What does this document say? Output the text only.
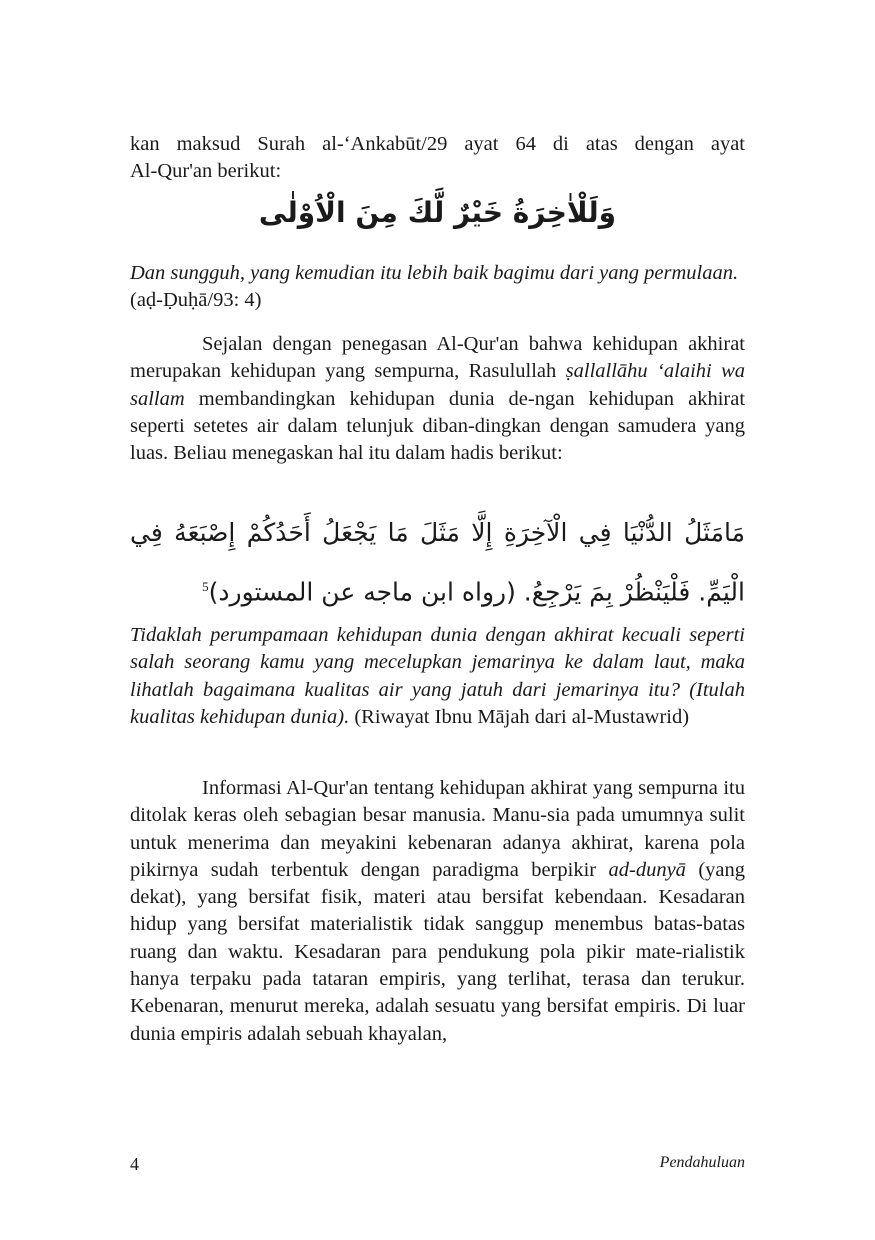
kan maksud Surah al-‘Ankabūt/29 ayat 64 di atas dengan ayat

Al-Qur'an berikut:

وَلَلْاٰخِرَةُ خَيْرٌ لَّكَ مِنَ الْاُوْلٰى

Dan sungguh, yang kemudian itu lebih baik bagimu dari yang permulaan.
(aḍ-Ḍuḥā/93: 4)

Sejalan dengan penegasan Al-Qur'an bahwa kehidupan akhirat merupakan kehidupan yang sempurna, Rasulullah ṣallallāhu ‘alaihi wa sallam membandingkan kehidupan dunia de-ngan kehidupan akhirat seperti setetes air dalam telunjuk diban-dingkan dengan samudera yang luas. Beliau menegaskan hal itu dalam hadis berikut:

مَامَثَلُ الدُّنْيَا فِي الْآخِرَةِ إِلَّا مَثَلَ مَا يَجْعَلُ أَحَدُكُمْ إِصْبَعَهُ فِي الْيَمِّ. فَلْيَنْظُرْ بِمَ يَرْجِعُ. (رواه ابن ماجه عن المستورد)$^5$

Tidaklah perumpamaan kehidupan dunia dengan akhirat kecuali seperti salah seorang kamu yang mecelupkan jemarinya ke dalam laut, maka lihatlah bagaimana kualitas air yang jatuh dari jemarinya itu? (Itulah kualitas kehidupan dunia). (Riwayat Ibnu Mājah dari al-Mustawrid)

Informasi Al-Qur'an tentang kehidupan akhirat yang sempurna itu ditolak keras oleh sebagian besar manusia. Manu-sia pada umumnya sulit untuk menerima dan meyakini kebenaran adanya akhirat, karena pola pikirnya sudah terbentuk dengan paradigma berpikir ad-dunyā (yang dekat), yang bersifat fisik, materi atau bersifat kebendaan. Kesadaran hidup yang bersifat materialistik tidak sanggup menembus batas-batas ruang dan waktu. Kesadaran para pendukung pola pikir mate-rialistik hanya terpaku pada tataran empiris, yang terlihat, terasa dan terukur. Kebenaran, menurut mereka, adalah sesuatu yang bersifat empiris. Di luar dunia empiris adalah sebuah khayalan,

4	Pendahuluan
